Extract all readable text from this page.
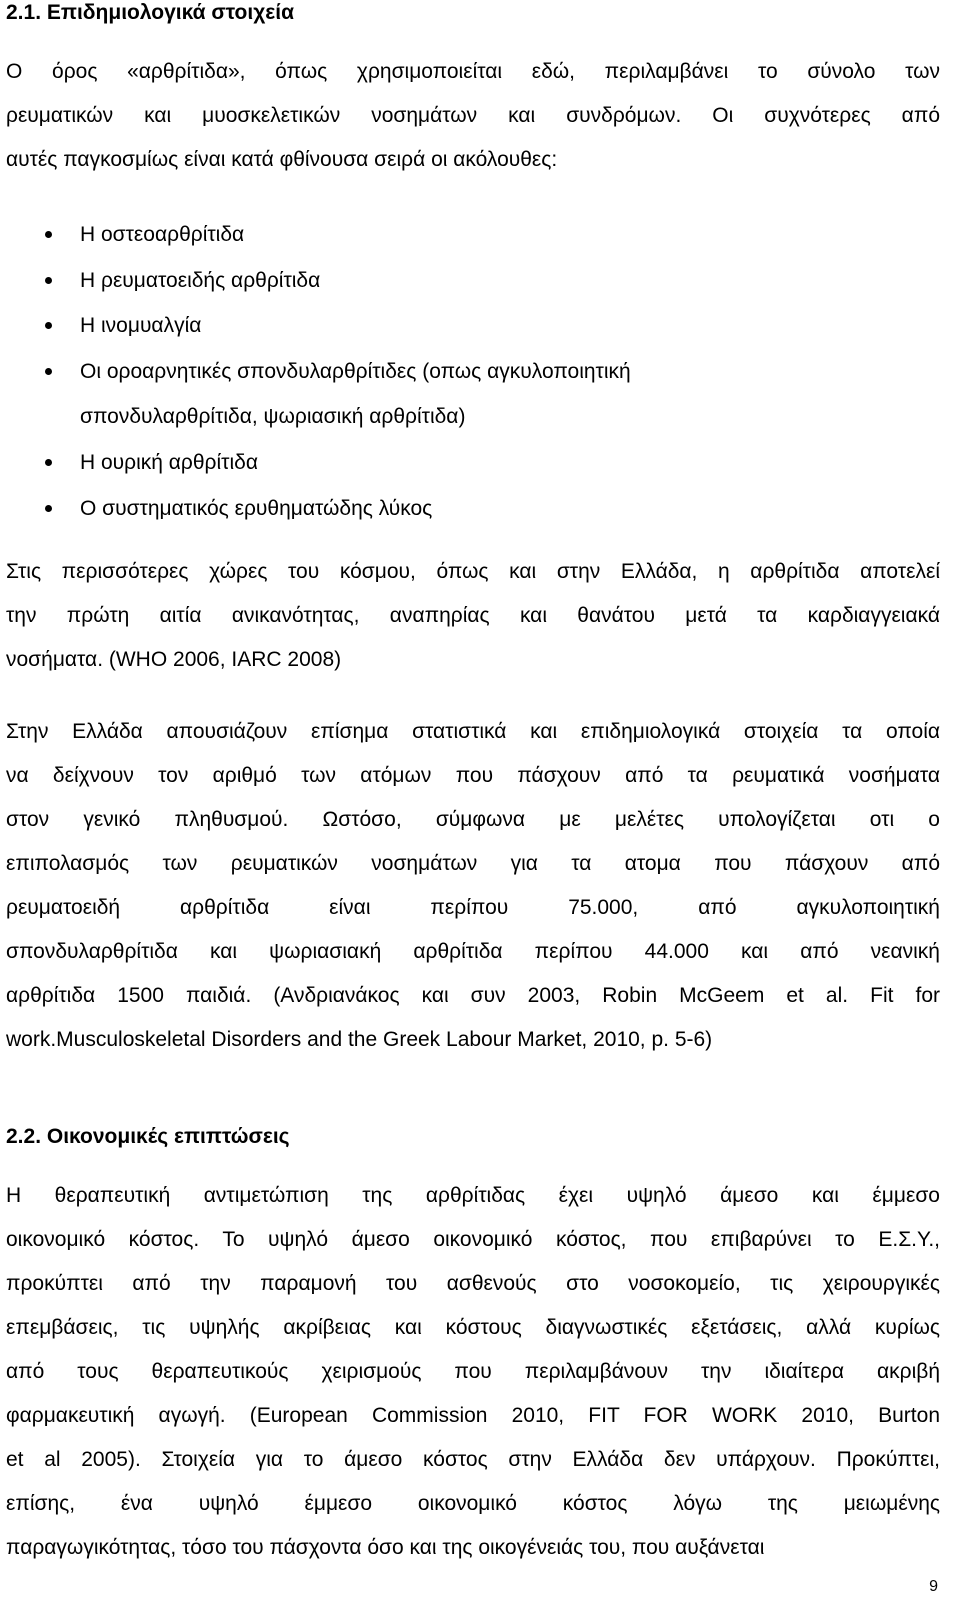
2.1. Επιδημιολογικά στοιχεία
Ο όρος «αρθρίτιδα», όπως χρησιμοποιείται εδώ, περιλαμβάνει το σύνολο των
ρευματικών και μυοσκελετικών νοσημάτων και συνδρόμων. Οι συχνότερες από
αυτές παγκοσμίως είναι κατά φθίνουσα σειρά οι ακόλουθες:
Η οστεοαρθρίτιδα
Η ρευματοειδής αρθρίτιδα
Η ινομυαλγία
Οι οροαρνητικές σπονδυλαρθρίτιδες (οπως αγκυλοποιητική σπονδυλαρθρίτιδα, ψωριασική αρθρίτιδα)
Η ουρική αρθρίτιδα
Ο συστηματικός ερυθηματώδης λύκος
Στις περισσότερες χώρες του κόσμου, όπως και στην Ελλάδα, η αρθρίτιδα αποτελεί
την πρώτη αιτία ανικανότητας, αναπηρίας και θανάτου μετά τα καρδιαγγειακά
νοσήματα. (WHO 2006, IARC 2008)
Στην Ελλάδα απουσιάζουν επίσημα στατιστικά και επιδημιολογικά στοιχεία τα οποία
να δείχνουν τον αριθμό των ατόμων που πάσχουν από τα ρευματικά νοσήματα
στον γενικό πληθυσμού. Ωστόσο, σύμφωνα με μελέτες υπολογίζεται οτι ο
επιπολασμός των ρευματικών νοσημάτων για τα ατομα που πάσχουν από
ρευματοειδή αρθρίτιδα είναι περίπου 75.000, από αγκυλοποιητική
σπονδυλαρθρίτιδα και ψωριασιακή αρθρίτιδα περίπου 44.000 και από νεανική
αρθρίτιδα 1500 παιδιά. (Ανδριανάκος και συν 2003, Robin McGeem et al. Fit for
work.Musculoskeletal Disorders and the Greek Labour Market, 2010, p. 5-6)
2.2. Οικονομικές επιπτώσεις
Η θεραπευτική αντιμετώπιση της αρθρίτιδας έχει υψηλό άμεσο και έμμεσο
οικονομικό κόστος. Το υψηλό άμεσο οικονομικό κόστος, που επιβαρύνει το Ε.Σ.Υ.,
προκύπτει από την παραμονή του ασθενούς στο νοσοκομείο, τις χειρουργικές
επεμβάσεις, τις υψηλής ακρίβειας και κόστους διαγνωστικές εξετάσεις, αλλά κυρίως
από τους θεραπευτικούς χειρισμούς που περιλαμβάνουν την ιδιαίτερα ακριβή
φαρμακευτική αγωγή. (European Commission 2010, FIT FOR WORK 2010, Burton
et al 2005). Στοιχεία για το άμεσο κόστος στην Ελλάδα δεν υπάρχουν. Προκύπτει,
επίσης, ένα υψηλό έμμεσο οικονομικό κόστος λόγω της μειωμένης
παραγωγικότητας, τόσο του πάσχοντα όσο και της οικογένειάς του, που αυξάνεται
9
